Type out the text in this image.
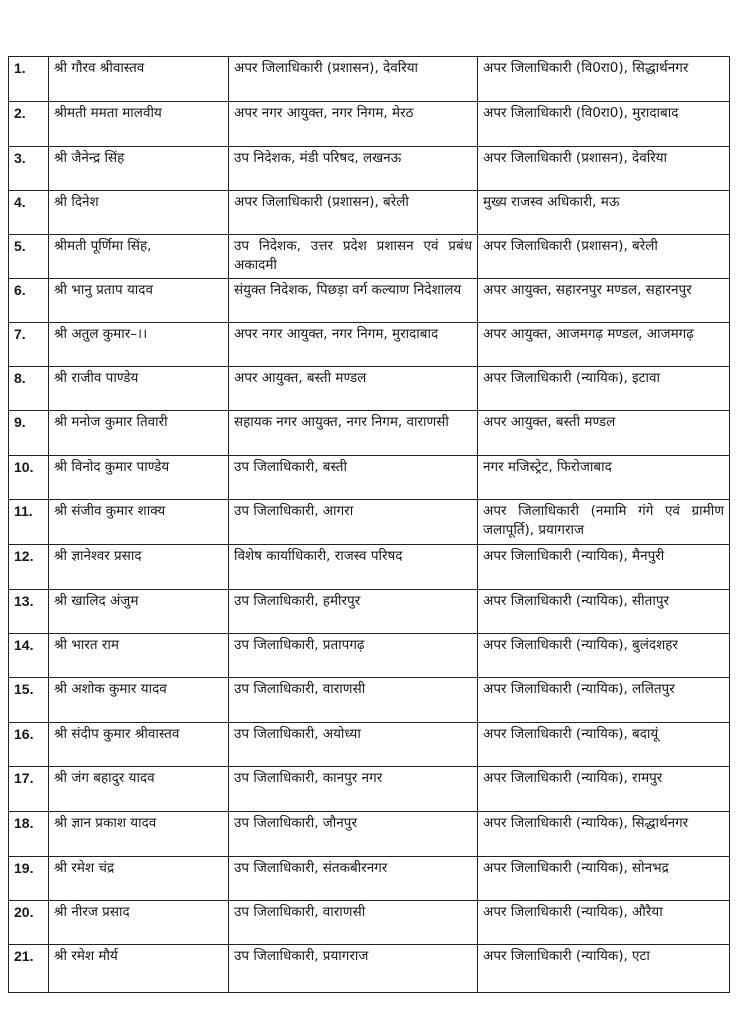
1.	श्री गौरव श्रीवास्तव	अपर जिलाधिकारी (प्रशासन), देवरिया	अपर जिलाधिकारी (वि0रा0), सिद्धार्थनगर
2.	श्रीमती ममता मालवीय	अपर नगर आयुक्त, नगर निगम, मेरठ	अपर जिलाधिकारी (वि0रा0), मुरादाबाद
3.	श्री जैनेन्द्र सिंह	उप निदेशक, मंडी परिषद, लखनऊ	अपर जिलाधिकारी (प्रशासन), देवरिया
4.	श्री दिनेश	अपर जिलाधिकारी (प्रशासन), बरेली	मुख्य राजस्व अधिकारी, मऊ
5.	श्रीमती पूर्णिमा सिंह,	उप निदेशक, उत्तर प्रदेश प्रशासन एवं प्रबंध अकादमी	अपर जिलाधिकारी (प्रशासन), बरेली
6.	श्री भानु प्रताप यादव	संयुक्त निदेशक, पिछड़ा वर्ग कल्याण निदेशालय	अपर आयुक्त, सहारनपुर मण्डल, सहारनपुर
7.	श्री अतुल कुमार–।।	अपर नगर आयुक्त, नगर निगम, मुरादाबाद	अपर आयुक्त, आजमगढ़ मण्डल, आजमगढ़
8.	श्री राजीव पाण्डेय	अपर आयुक्त, बस्ती मण्डल	अपर जिलाधिकारी (न्यायिक), इटावा
9.	श्री मनोज कुमार तिवारी	सहायक नगर आयुक्त, नगर निगम, वाराणसी	अपर आयुक्त, बस्ती मण्डल
10.	श्री विनोद कुमार पाण्डेय	उप जिलाधिकारी, बस्ती	नगर मजिस्ट्रेट, फिरोजाबाद
11.	श्री संजीव कुमार शाक्य	उप जिलाधिकारी, आगरा	अपर जिलाधिकारी (नमामि गंगे एवं ग्रामीण जलापूर्ति), प्रयागराज
12.	श्री ज्ञानेश्वर प्रसाद	विशेष कार्याधिकारी, राजस्व परिषद	अपर जिलाधिकारी (न्यायिक), मैनपुरी
13.	श्री खालिद अंजुम	उप जिलाधिकारी, हमीरपुर	अपर जिलाधिकारी (न्यायिक), सीतापुर
14.	श्री भारत राम	उप जिलाधिकारी, प्रतापगढ़	अपर जिलाधिकारी (न्यायिक), बुलंदशहर
15.	श्री अशोक कुमार यादव	उप जिलाधिकारी, वाराणसी	अपर जिलाधिकारी (न्यायिक), ललितपुर
16.	श्री संदीप कुमार श्रीवास्तव	उप जिलाधिकारी, अयोध्या	अपर जिलाधिकारी (न्यायिक), बदायूं
17.	श्री जंग बहादुर यादव	उप जिलाधिकारी, कानपुर नगर	अपर जिलाधिकारी (न्यायिक), रामपुर
18.	श्री ज्ञान प्रकाश यादव	उप जिलाधिकारी, जौनपुर	अपर जिलाधिकारी (न्यायिक), सिद्धार्थनगर
19.	श्री रमेश चंद्र	उप जिलाधिकारी, संतकबीरनगर	अपर जिलाधिकारी (न्यायिक), सोनभद्र
20.	श्री नीरज प्रसाद	उप जिलाधिकारी, वाराणसी	अपर जिलाधिकारी (न्यायिक), औरैया
21.	श्री रमेश मौर्य	उप जिलाधिकारी, प्रयागराज	अपर जिलाधिकारी (न्यायिक), एटा
